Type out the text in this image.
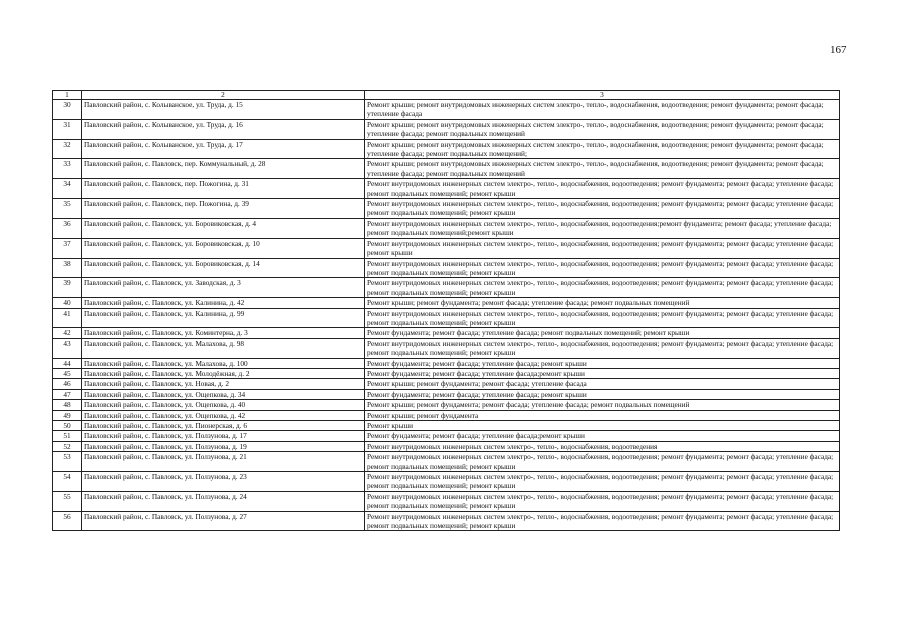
167
1	2	3
30	Павловский район, с. Колыванское, ул. Труда, д. 15	Ремонт крыши; ремонт внутридомовых инженерных систем электро-, тепло-, водоснабжения, водоотведения; ремонт фундамента; ремонт фасада; утепление фасада
31	Павловский район, с. Колыванское, ул. Труда, д. 16	Ремонт крыши; ремонт внутридомовых инженерных систем электро-, тепло-, водоснабжения, водоотведения; ремонт фундамента; ремонт фасада; утепление фасада; ремонт подвальных помещений
32	Павловский район, с. Колыванское, ул. Труда, д. 17	Ремонт крыши; ремонт внутридомовых инженерных систем электро-, тепло-, водоснабжения, водоотведения; ремонт фундамента; ремонт фасада; утепление фасада; ремонт подвальных помещений;
33	Павловский район, с. Павловск, пер. Коммунальный, д. 28	Ремонт крыши; ремонт внутридомовых инженерных систем электро-, тепло-, водоснабжения, водоотведения; ремонт фундамента; ремонт фасада; утепление фасада; ремонт подвальных помещений
34	Павловский район, с. Павловск, пер. Пожогина, д. 31	Ремонт внутридомовых инженерных систем электро-, тепло-, водоснабжения, водоотведения; ремонт фундамента; ремонт фасада; утепление фасада; ремонт подвальных помещений; ремонт крыши
35	Павловский район, с. Павловск, пер. Пожогина, д. 39	Ремонт внутридомовых инженерных систем электро-, тепло-, водоснабжения, водоотведения; ремонт фундамента; ремонт фасада; утепление фасада; ремонт подвальных помещений; ремонт крыши
36	Павловский район, с. Павловск, ул. Боровиковская, д. 4	Ремонт внутридомовых инженерных систем электро-, тепло-, водоснабжения, водоотведения;ремонт фундамента; ремонт фасада; утепление фасада; ремонт подвальных помещений;ремонт крыши
37	Павловский район, с. Павловск, ул. Боровиковская, д. 10	Ремонт внутридомовых инженерных систем электро-, тепло-, водоснабжения, водоотведения; ремонт фундамента; ремонт фасада; утепление фасада; ремонт крыши
38	Павловский район, с. Павловск, ул. Боровиковская, д. 14	Ремонт внутридомовых инженерных систем электро-, тепло-, водоснабжения, водоотведения; ремонт фундамента; ремонт фасада; утепление фасада; ремонт подвальных помещений; ремонт крыши
39	Павловский район, с. Павловск, ул. Заводская, д. 3	Ремонт внутридомовых инженерных систем электро-, тепло-, водоснабжения, водоотведения; ремонт фундамента; ремонт фасада; утепление фасада; ремонт подвальных помещений; ремонт крыши
40	Павловский район, с. Павловск, ул. Калинина, д. 42	Ремонт крыши; ремонт фундамента; ремонт фасада; утепление фасада; ремонт подвальных помещений
41	Павловский район, с. Павловск, ул. Калинина, д. 99	Ремонт внутридомовых инженерных систем электро-, тепло-, водоснабжения, водоотведения; ремонт фундамента; ремонт фасада; утепление фасада; ремонт подвальных помещений; ремонт крыши
42	Павловский район, с. Павловск, ул. Коминтерна, д. 3	Ремонт фундамента; ремонт фасада; утепление фасада; ремонт подвальных помещений; ремонт крыши
43	Павловский район, с. Павловск, ул. Малахова, д. 98	Ремонт внутридомовых инженерных систем электро-, тепло-, водоснабжения, водоотведения; ремонт фундамента; ремонт фасада; утепление фасада; ремонт подвальных помещений; ремонт крыши
44	Павловский район, с. Павловск, ул. Малахова, д. 100	Ремонт фундамента; ремонт фасада; утепление фасада; ремонт крыши
45	Павловский район, с. Павловск, ул. Молодёжная, д. 2	Ремонт фундамента; ремонт фасада; утепление фасада;ремонт крыши
46	Павловский район, с. Павловск, ул. Новая, д. 2	Ремонт крыши; ремонт фундамента; ремонт фасада; утепление фасада
47	Павловский район, с. Павловск, ул. Ощепкова, д. 34	Ремонт фундамента; ремонт фасада; утепление фасада; ремонт крыши
48	Павловский район, с. Павловск, ул. Ощепкова, д. 40	Ремонт крыши; ремонт фундамента; ремонт фасада; утепление фасада; ремонт подвальных помещений
49	Павловский район, с. Павловск, ул. Ощепкова, д. 42	Ремонт крыши; ремонт фундамента
50	Павловский район, с. Павловск, ул. Пионерская, д. 6	Ремонт крыши
51	Павловский район, с. Павловск, ул. Ползунова, д. 17	Ремонт фундамента; ремонт фасада; утепление фасада;ремонт крыши
52	Павловский район, с. Павловск, ул. Ползунова, д. 19	Ремонт внутридомовых инженерных систем электро-, тепло-, водоснабжения, водоотведения
53	Павловский район, с. Павловск, ул. Ползунова, д. 21	Ремонт внутридомовых инженерных систем электро-, тепло-, водоснабжения, водоотведения; ремонт фундамента; ремонт фасада; утепление фасада; ремонт подвальных помещений; ремонт крыши
54	Павловский район, с. Павловск, ул. Ползунова, д. 23	Ремонт внутридомовых инженерных систем электро-, тепло-, водоснабжения, водоотведения; ремонт фундамента; ремонт фасада; утепление фасада; ремонт подвальных помещений; ремонт крыши
55	Павловский район, с. Павловск, ул. Ползунова, д. 24	Ремонт внутридомовых инженерных систем электро-, тепло-, водоснабжения, водоотведения; ремонт фундамента; ремонт фасада; утепление фасада; ремонт подвальных помещений; ремонт крыши
56	Павловский район, с. Павловск, ул. Ползунова, д. 27	Ремонт внутридомовых инженерных систем электро-, тепло-, водоснабжения, водоотведения; ремонт фундамента; ремонт фасада; утепление фасада; ремонт подвальных помещений; ремонт крыши
